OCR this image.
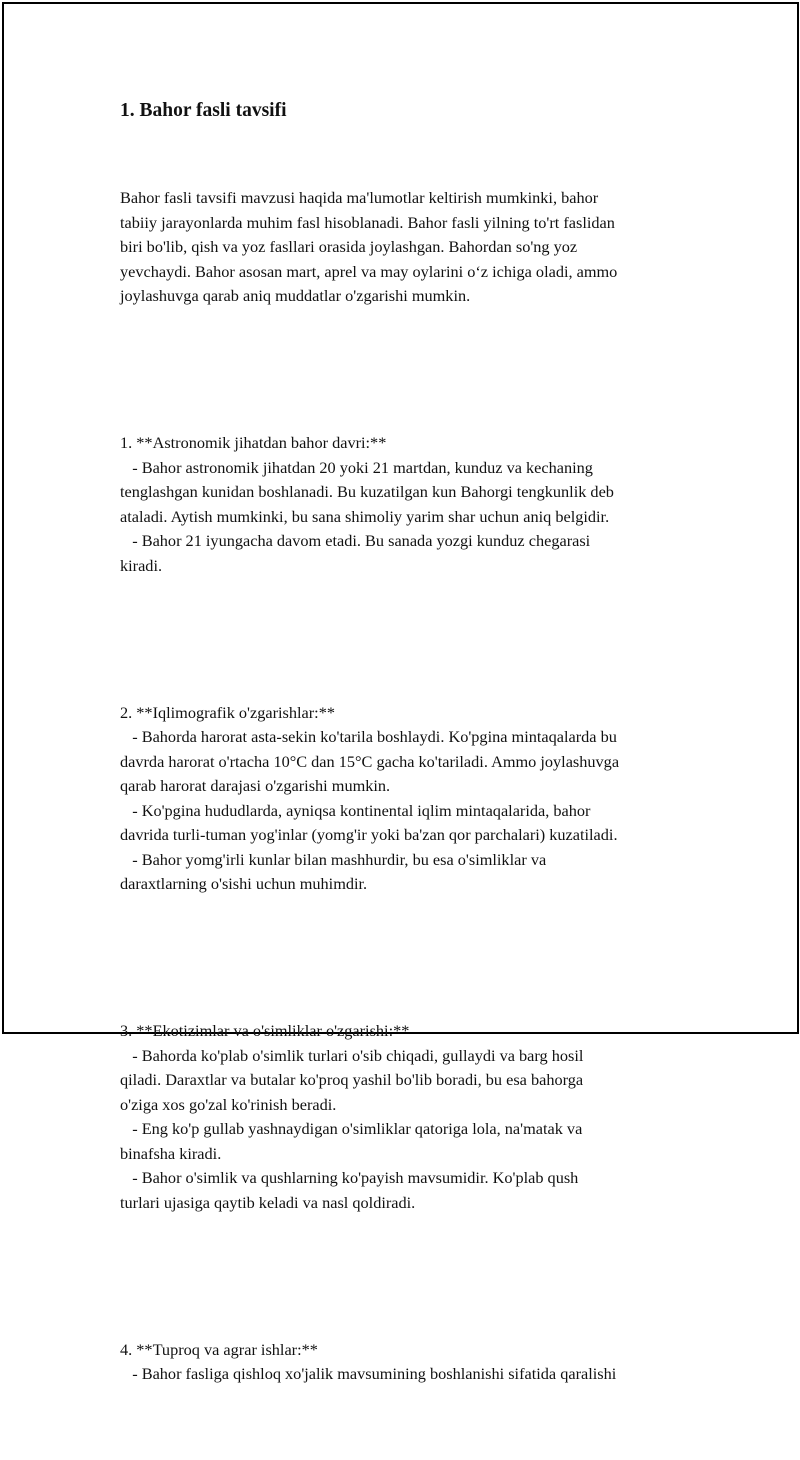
1. Bahor fasli tavsifi

Bahor fasli tavsifi mavzusi haqida ma'lumotlar keltirish mumkinki, bahor
tabiiy jarayonlarda muhim fasl hisoblanadi. Bahor fasli yilning to'rt faslidan
biri bo'lib, qish va yoz fasllari orasida joylashgan. Bahordan so'ng yoz
yevchaydi. Bahor asosan mart, aprel va may oylarini oʻz ichiga oladi, ammo
joylashuvga qarab aniq muddatlar o'zgarishi mumkin.

1. **Astronomik jihatdan bahor davri:**
- Bahor astronomik jihatdan 20 yoki 21 martdan, kunduz va kechaning
tenglashgan kunidan boshlanadi. Bu kuzatilgan kun Bahorgi tengkunlik deb
ataladi. Aytish mumkinki, bu sana shimoliy yarim shar uchun aniq belgidir.
- Bahor 21 iyungacha davom etadi. Bu sanada yozgi kunduz chegarasi
kiradi.

2. **Iqlimografik o'zgarishlar:**
- Bahorda harorat asta-sekin ko'tarila boshlaydi. Ko'pgina mintaqalarda bu
davrda harorat o'rtacha 10°C dan 15°C gacha ko'tariladi. Ammo joylashuvga
qarab harorat darajasi o'zgarishi mumkin.
- Ko'pgina hududlarda, ayniqsa kontinental iqlim mintaqalarida, bahor
davrida turli-tuman yog'inlar (yomg'ir yoki ba'zan qor parchalari) kuzatiladi.
- Bahor yomg'irli kunlar bilan mashhurdir, bu esa o'simliklar va
daraxtlarning o'sishi uchun muhimdir.

3. **Ekotizimlar va o'simliklar o'zgarishi:**
- Bahorda ko'plab o'simlik turlari o'sib chiqadi, gullaydi va barg hosil
qiladi. Daraxtlar va butalar ko'proq yashil bo'lib boradi, bu esa bahorga
o'ziga xos go'zal ko'rinish beradi.
- Eng ko'p gullab yashnaydigan o'simliklar qatoriga lola, na'matak va
binafsha kiradi.
- Bahor o'simlik va qushlarning ko'payish mavsumidir. Ko'plab qush
turlari ujasiga qaytib keladi va nasl qoldiradi.

4. **Tuproq va agrar ishlar:**
- Bahor fasliga qishloq xo'jalik mavsumining boshlanishi sifatida qaralishi
